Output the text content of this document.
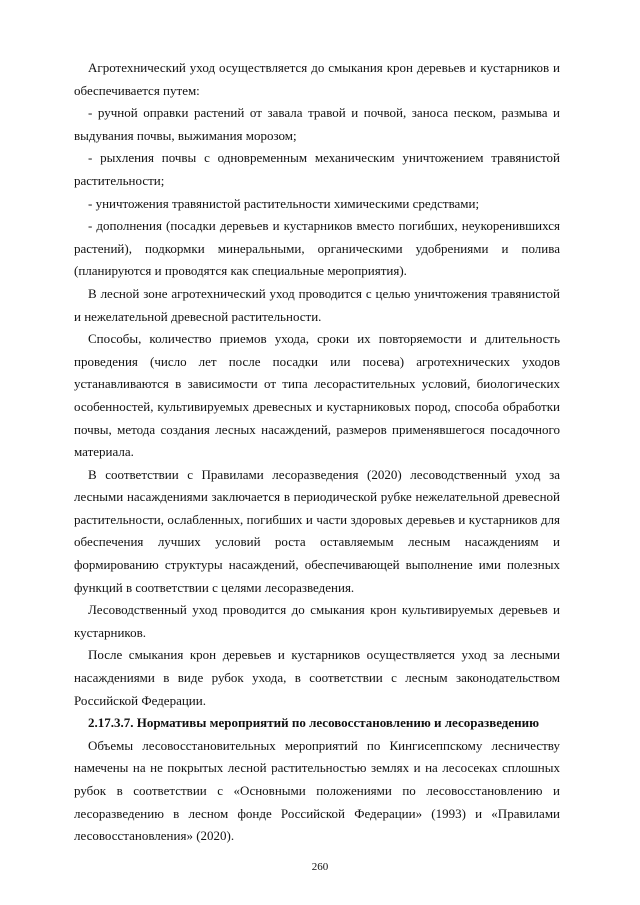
Агротехнический уход осуществляется до смыкания крон деревьев и кустарников и обеспечивается путем:

- ручной оправки растений от завала травой и почвой, заноса песком, размыва и выдувания почвы, выжимания морозом;

- рыхления почвы с одновременным механическим уничтожением травянистой растительности;

- уничтожения травянистой растительности химическими средствами;

- дополнения (посадки деревьев и кустарников вместо погибших, неукоренившихся растений), подкормки минеральными, органическими удобрениями и полива (планируются и проводятся как специальные мероприятия).

В лесной зоне агротехнический уход проводится с целью уничтожения травянистой и нежелательной древесной растительности.

Способы, количество приемов ухода, сроки их повторяемости и длительность проведения (число лет после посадки или посева) агротехнических уходов устанавливаются в зависимости от типа лесорастительных условий, биологических особенностей, культивируемых древесных и кустарниковых пород, способа обработки почвы, метода создания лесных насаждений, размеров применявшегося посадочного материала.

В соответствии с Правилами лесоразведения (2020) лесоводственный уход за лесными насаждениями заключается в периодической рубке нежелательной древесной растительности, ослабленных, погибших и части здоровых деревьев и кустарников для обеспечения лучших условий роста оставляемым лесным насаждениям и формированию структуры насаждений, обеспечивающей выполнение ими полезных функций в соответствии с целями лесоразведения.

Лесоводственный уход проводится до смыкания крон культивируемых деревьев и кустарников.

После смыкания крон деревьев и кустарников осуществляется уход за лесными насаждениями в виде рубок ухода, в соответствии с лесным законодательством Российской Федерации.

2.17.3.7. Нормативы мероприятий по лесовосстановлению и лесоразведению

Объемы лесовосстановительных мероприятий по Кингисеппскому лесничеству намечены на не покрытых лесной растительностью землях и на лесосеках сплошных рубок в соответствии с «Основными положениями по лесовосстановлению и лесоразведению в лесном фонде Российской Федерации» (1993) и «Правилами лесовосстановления» (2020).

260
